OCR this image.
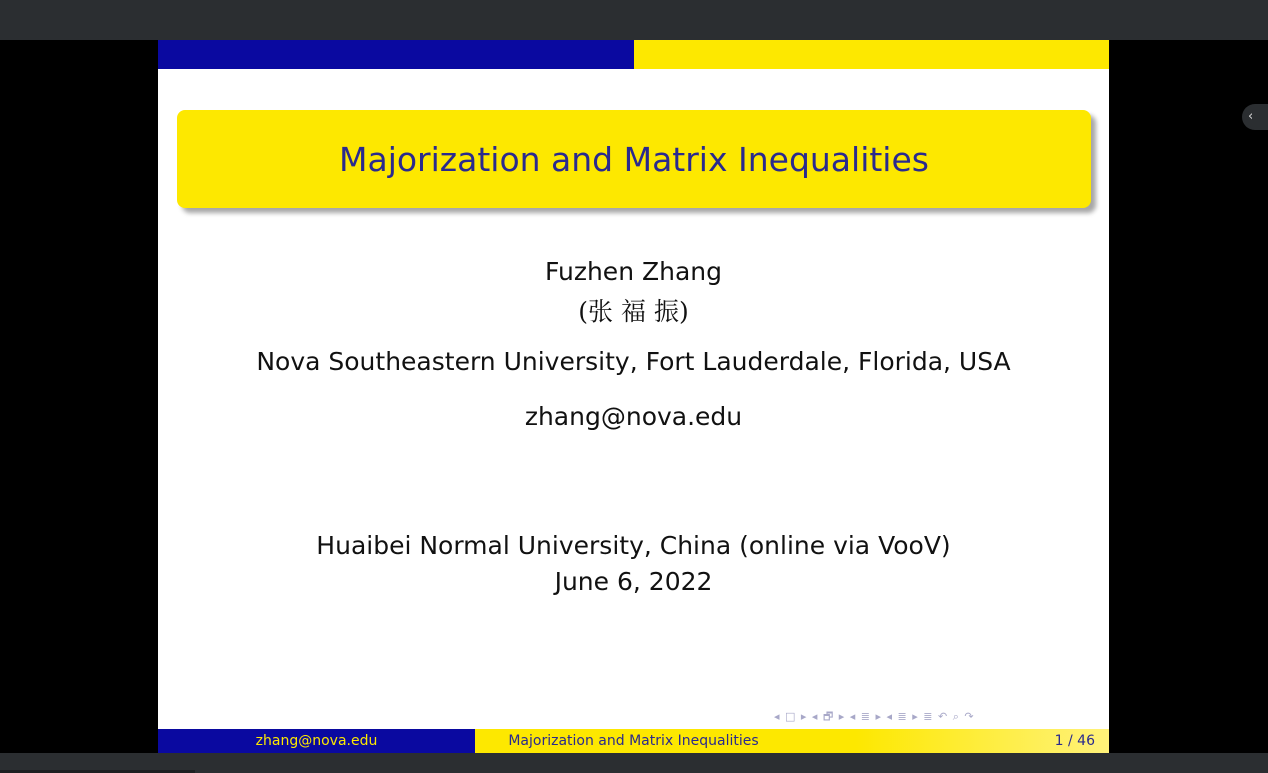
‹
Majorization and Matrix Inequalities
Fuzhen Zhang
(张 福 振)
Nova Southeastern University, Fort Lauderdale, Florida, USA
zhang@nova.edu
Huaibei Normal University, China (online via VooV)
June 6, 2022
◂ □ ▸ ◂ 🗗 ▸ ◂ ≣ ▸ ◂ ≣ ▸ ≣ ↶ ⌕ ↷
zhang@nova.edu	Majorization and Matrix Inequalities	1 / 46
